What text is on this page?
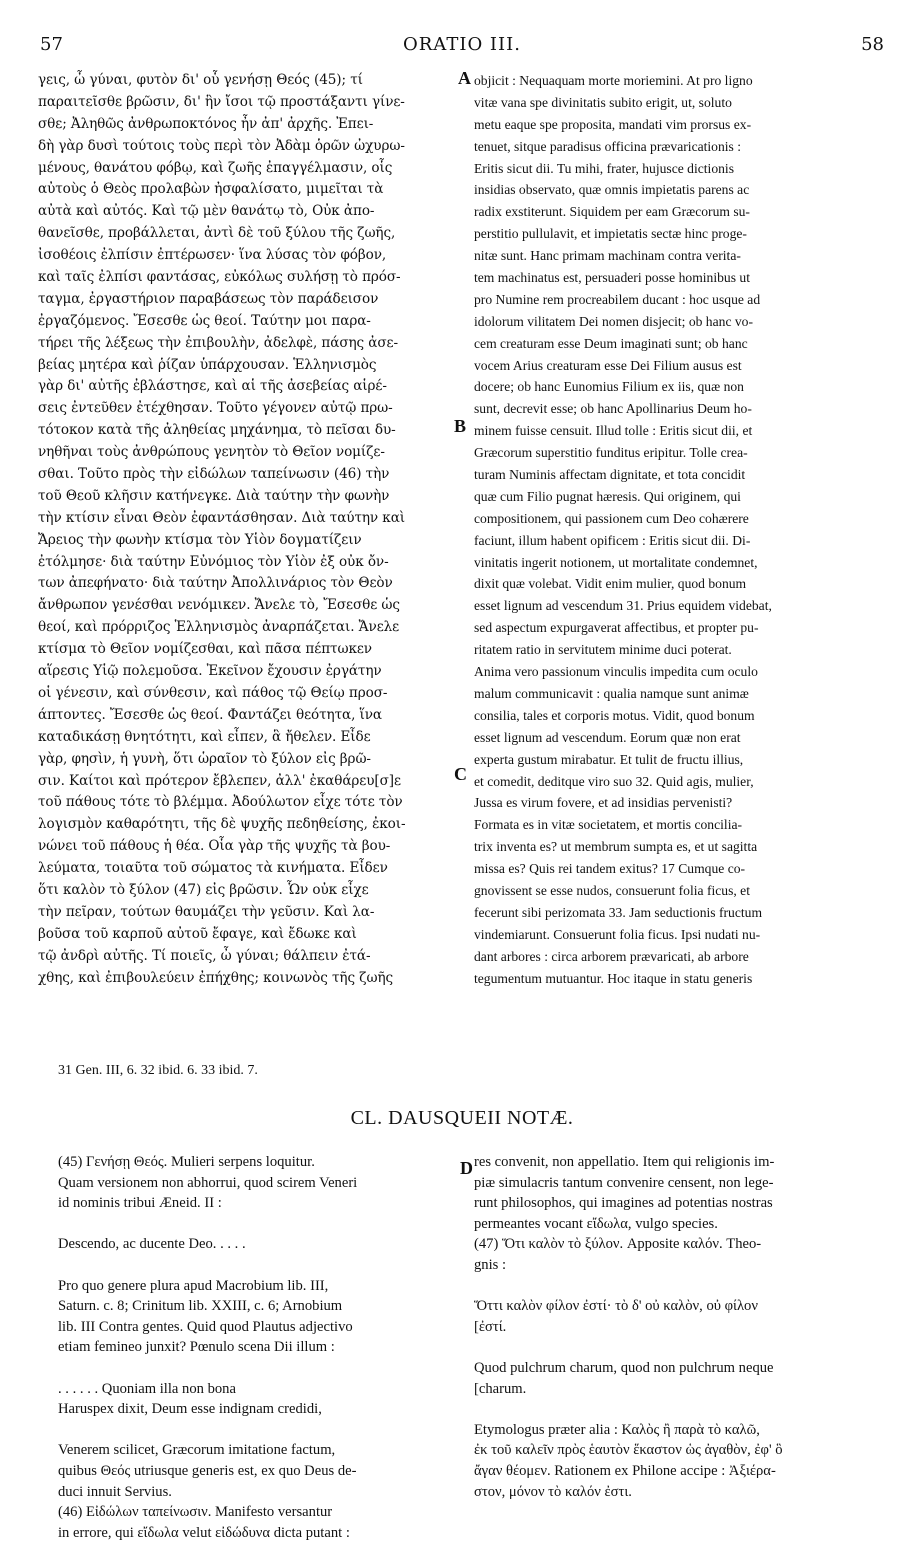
57	ORATIO III.	58
γεις, ὦ γύναι, φυτὸν δι' οὗ γενήσῃ Θεός (45); τί
παραιτεῖσθε βρῶσιν, δι' ἣν ἴσοι τῷ προστάξαντι γίνε-
σθε; Ἀληθῶς ἀνθρωποκτόνος ἦν ἀπ' ἀρχῆς. Ἐπει-
δὴ γὰρ δυσὶ τούτοις τοὺς περὶ τὸν Ἀδὰμ ὁρῶν ὠχυρω-
μένους, θανάτου φόβῳ, καὶ ζωῆς ἐπαγγέλμασιν, οἷς
αὐτοὺς ὁ Θεὸς προλαβὼν ἠσφαλίσατο, μιμεῖται τὰ
αὐτὰ καὶ αὐτός. Καὶ τῷ μὲν θανάτῳ τὸ, Οὐκ ἀπο-
θανεῖσθε, προβάλλεται, ἀντὶ δὲ τοῦ ξύλου τῆς ζωῆς,
ἰσοθέοις ἐλπίσιν ἐπτέρωσεν· ἵνα λύσας τὸν φόβον,
καὶ ταῖς ἐλπίσι φαντάσας, εὐκόλως συλήσῃ τὸ πρόσ-
ταγμα, ἐργαστήριον παραβάσεως τὸν παράδεισον
ἐργαζόμενος. Ἔσεσθε ὡς θεοί. Ταύτην μοι παρα-
τήρει τῆς λέξεως τὴν ἐπιβουλὴν, ἀδελφὲ, πάσης ἀσε-
βείας μητέρα καὶ ῥίζαν ὑπάρχουσαν. Ἑλληνισμὸς
γὰρ δι' αὐτῆς ἐβλάστησε, καὶ αἱ τῆς ἀσεβείας αἱρέ-
σεις ἐντεῦθεν ἐτέχθησαν. Τοῦτο γέγονεν αὐτῷ πρω-
τότοκον κατὰ τῆς ἀληθείας μηχάνημα, τὸ πεῖσαι δυ-
νηθῆναι τοὺς ἀνθρώπους γενητὸν τὸ Θεῖον νομίζε-
σθαι. Τοῦτο πρὸς τὴν εἰδώλων ταπείνωσιν (46) τὴν
τοῦ Θεοῦ κλῆσιν κατήνεγκε. Διὰ ταύτην τὴν φωνὴν
τὴν κτίσιν εἶναι Θεὸν ἐφαντάσθησαν. Διὰ ταύτην καὶ
Ἄρειος τὴν φωνὴν κτίσμα τὸν Υἱὸν δογματίζειν
ἐτόλμησε· διὰ ταύτην Εὐνόμιος τὸν Υἱὸν ἐξ οὐκ ὄν-
των ἀπεφήνατο· διὰ ταύτην Ἀπολλινάριος τὸν Θεὸν
ἄνθρωπον γενέσθαι νενόμικεν. Ἄνελε τὸ, Ἔσεσθε ὡς
θεοί, καὶ πρόρριζος Ἑλληνισμὸς ἀναρπάζεται. Ἄνελε
κτίσμα τὸ Θεῖον νομίζεσθαι, καὶ πᾶσα πέπτωκεν
αἵρεσις Υἱῷ πολεμοῦσα. Ἐκεῖνον ἔχουσιν ἐργάτην
οἱ γένεσιν, καὶ σύνθεσιν, καὶ πάθος τῷ Θείῳ προσ-
άπτοντες. Ἔσεσθε ὡς θεοί. Φαντάζει θεότητα, ἵνα
καταδικάσῃ θνητότητι, καὶ εἶπεν, ἃ ἤθελεν. Εἶδε
γὰρ, φησὶν, ἡ γυνὴ, ὅτι ὡραῖον τὸ ξύλον εἰς βρῶ-
σιν. Καίτοι καὶ πρότερον ἔβλεπεν, ἀλλ' ἐκαθάρευ[σ]ε
τοῦ πάθους τότε τὸ βλέμμα. Ἀδούλωτον εἶχε τότε τὸν
λογισμὸν καθαρότητι, τῆς δὲ ψυχῆς πεδηθείσης, ἐκοι-
νώνει τοῦ πάθους ἡ θέα. Οἷα γὰρ τῆς ψυχῆς τὰ βου-
λεύματα, τοιαῦτα τοῦ σώματος τὰ κινήματα. Εἶδεν
ὅτι καλὸν τὸ ξύλον (47) εἰς βρῶσιν. Ὧν οὐκ εἶχε
τὴν πεῖραν, τούτων θαυμάζει τὴν γεῦσιν. Καὶ λα-
βοῦσα τοῦ καρποῦ αὐτοῦ ἔφαγε, καὶ ἔδωκε καὶ
τῷ ἀνδρὶ αὐτῆς. Τί ποιεῖς, ὦ γύναι; θάλπειν ἐτά-
χθης, καὶ ἐπιβουλεύειν ἐπήχθης; κοινωνὸς τῆς ζωῆς
A
B
C
D
objicit : Nequaquam morte moriemini. At pro ligno
vitæ vana spe divinitatis subito erigit, ut, soluto
metu eaque spe proposita, mandati vim prorsus ex-
tenuet, sitque paradisus officina prævaricationis :
Eritis sicut dii. Tu mihi, frater, hujusce dictionis
insidias observato, quæ omnis impietatis parens ac
radix exstiterunt. Siquidem per eam Græcorum su-
perstitio pullulavit, et impietatis sectæ hinc proge-
nitæ sunt. Hanc primam machinam contra verita-
tem machinatus est, persuaderi posse hominibus ut
pro Numine rem procreabilem ducant : hoc usque ad
idolorum vilitatem Dei nomen disjecit; ob hanc vo-
cem creaturam esse Deum imaginati sunt; ob hanc
vocem Arius creaturam esse Dei Filium ausus est
docere; ob hanc Eunomius Filium ex iis, quæ non
sunt, decrevit esse; ob hanc Apollinarius Deum ho-
minem fuisse censuit. Illud tolle : Eritis sicut dii, et
Græcorum superstitio funditus eripitur. Tolle crea-
turam Numinis affectam dignitate, et tota concidit
quæ cum Filio pugnat hæresis. Qui originem, qui
compositionem, qui passionem cum Deo cohærere
faciunt, illum habent opificem : Eritis sicut dii. Di-
vinitatis ingerit notionem, ut mortalitate condemnet,
dixit quæ volebat. Vidit enim mulier, quod bonum
esset lignum ad vescendum 31. Prius equidem videbat,
sed aspectum expurgaverat affectibus, et propter pu-
ritatem ratio in servitutem minime duci poterat.
Anima vero passionum vinculis impedita cum oculo
malum communicavit : qualia namque sunt animæ
consilia, tales et corporis motus. Vidit, quod bonum
esset lignum ad vescendum. Eorum quæ non erat
experta gustum mirabatur. Et tulit de fructu illius,
et comedit, deditque viro suo 32. Quid agis, mulier,
Jussa es virum fovere, et ad insidias pervenisti?
Formata es in vitæ societatem, et mortis concilia-
trix inventa es? ut membrum sumpta es, et ut sagitta
missa es? Quis rei tandem exitus? 17 Cumque co-
gnovissent se esse nudos, consuerunt folia ficus, et
fecerunt sibi perizomata 33. Jam seductionis fructum
vindemiarunt. Consuerunt folia ficus. Ipsi nudati nu-
dant arbores : circa arborem prævaricati, ab arbore
tegumentum mutuantur. Hoc itaque in statu generis
31 Gen. III, 6. 32 ibid. 6. 33 ibid. 7.
CL. DAUSQUEII NOTÆ.
(45) Γενήσῃ Θεός. Mulieri serpens loquitur.
Quam versionem non abhorrui, quod scirem Veneri
id nominis tribui Æneid. II :
Descendo, ac ducente Deo. . . . .
Pro quo genere plura apud Macrobium lib. III,
Saturn. c. 8; Crinitum lib. XXIII, c. 6; Arnobium
lib. III Contra gentes. Quid quod Plautus adjectivo
etiam femineo junxit? Pœnulo scena Dii illum :
. . . . . . Quoniam illa non bona
Haruspex dixit, Deum esse indignam credidi,
Venerem scilicet, Græcorum imitatione factum,
quibus Θεός utriusque generis est, ex quo Deus de-
duci innuit Servius.
(46) Εἰδώλων ταπείνωσιν. Manifesto versantur
in errore, qui εἴδωλα velut εἰδώδυνα dicta putant :
res convenit, non appellatio. Item qui religionis im-
piæ simulacris tantum convenire censent, non lege-
runt philosophos, qui imagines ad potentias nostras
permeantes vocant εἴδωλα, vulgo species.
(47) Ὅτι καλὸν τὸ ξύλον. Apposite καλόν. Theo-
gnis :
Ὅττι καλὸν φίλον ἐστί· τὸ δ' οὐ καλὸν, οὐ φίλον
[ἐστί.
Quod pulchrum charum, quod non pulchrum neque
[charum.
Etymologus præter alia : Καλὸς ἢ παρὰ τὸ καλῶ,
ἐκ τοῦ καλεῖν πρὸς ἑαυτὸν ἕκαστον ὡς ἀγαθὸν, ἐφ' ὃ
ἄγαν θέομεν. Rationem ex Philone accipe : Ἀξιέρα-
στον, μόνον τὸ καλόν ἐστι.
